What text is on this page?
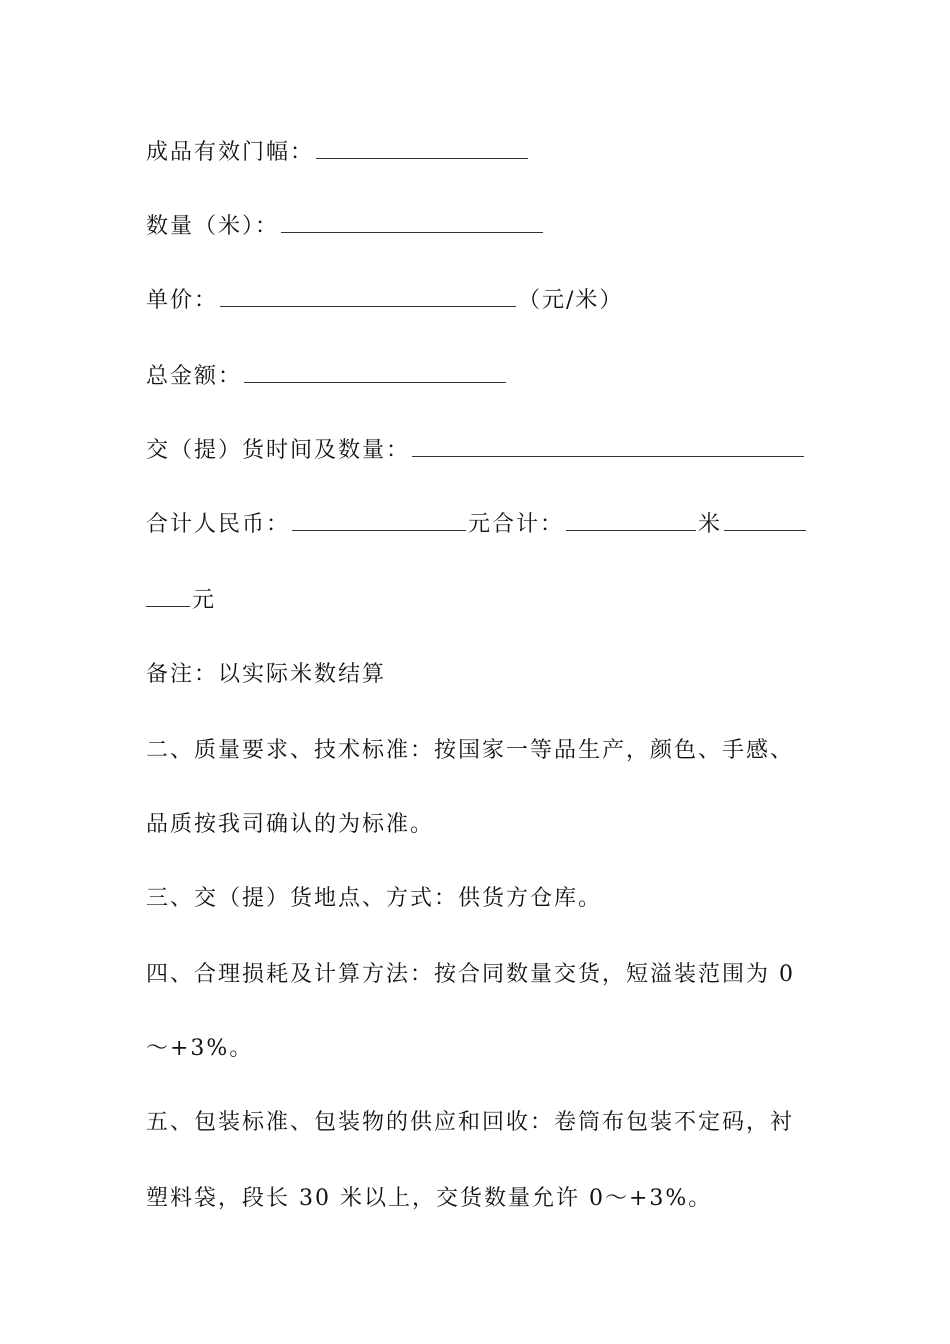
成品有效门幅：
数量（米）：
单价：	（元/米）
总金额：
交（提）货时间及数量：
合计人民币：	元合计：	米
元
备注：以实际米数结算
二、质量要求、技术标准：按国家一等品生产，颜色、手感、
品质按我司确认的为标准。
三、交（提）货地点、方式：供货方仓库。
四、合理损耗及计算方法：按合同数量交货，短溢装范围为 0
～+3%。
五、包装标准、包装物的供应和回收：卷筒布包装不定码，衬
塑料袋，段长 30 米以上，交货数量允许 0～+3%。
